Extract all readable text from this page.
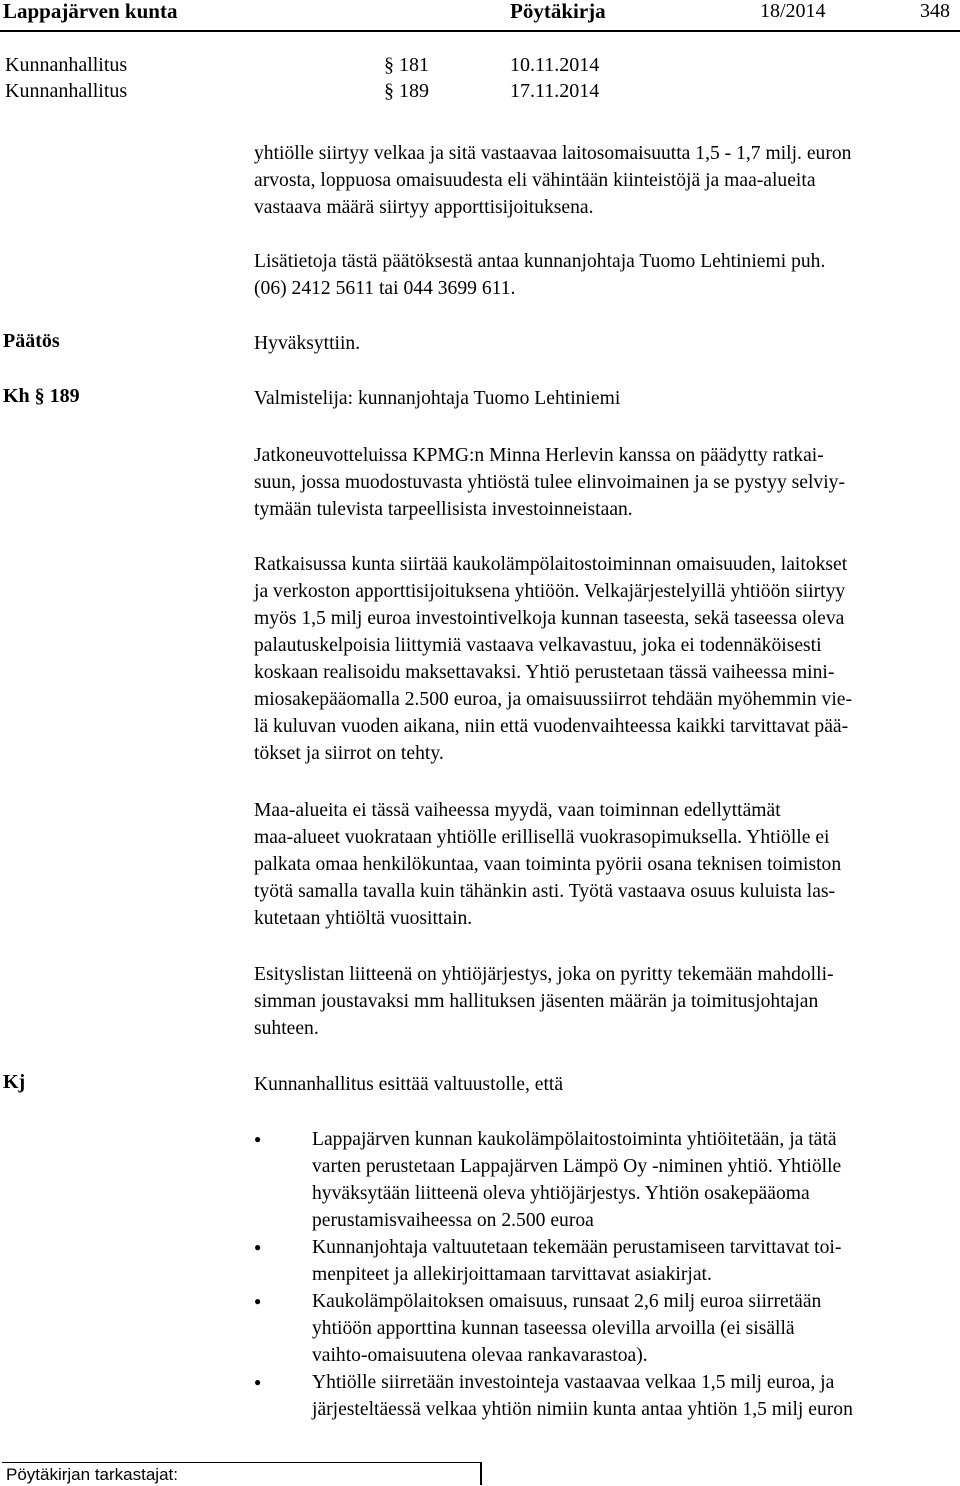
Lappajärven kunta	Pöytäkirja	18/2014	348
Kunnanhallitus	§ 181	10.11.2014
Kunnanhallitus	§ 189	17.11.2014
yhtiölle siirtyy velkaa ja sitä vastaavaa laitosomaisuutta 1,5 - 1,7 milj. euron
arvosta, loppuosa omaisuudesta eli vähintään kiinteistöjä ja maa-alueita
vastaava määrä siirtyy apporttisijoituksena.
Lisätietoja tästä päätöksestä antaa kunnanjohtaja Tuomo Lehtiniemi puh.
(06) 2412 5611 tai 044 3699 611.
Päätös	Hyväksyttiin.
Kh § 189	Valmistelija: kunnanjohtaja Tuomo Lehtiniemi
Jatkoneuvotteluissa KPMG:n Minna Herlevin kanssa on päädytty ratkai-
suun, jossa muodostuvasta yhtiöstä tulee elinvoimainen ja se pystyy selviy-
tymään tulevista tarpeellisista investoinneistaan.
Ratkaisussa kunta siirtää kaukolämpölaitostoiminnan omaisuuden, laitokset
ja verkoston apporttisijoituksena yhtiöön. Velkajärjestelyillä yhtiöön siirtyy
myös 1,5 milj euroa investointivelkoja kunnan taseesta, sekä taseessa oleva
palautuskelpoisia liittymiä vastaava velkavastuu, joka ei todennäköisesti
koskaan realisoidu maksettavaksi. Yhtiö perustetaan tässä vaiheessa mini-
miosakepääomalla 2.500 euroa, ja omaisuussiirrot tehdään myöhemmin vie-
lä kuluvan vuoden aikana, niin että vuodenvaihteessa kaikki tarvittavat pää-
tökset ja siirrot on tehty.
Maa-alueita ei tässä vaiheessa myydä, vaan toiminnan edellyttämät
maa-alueet vuokrataan yhtiölle erillisellä vuokrasopimuksella. Yhtiölle ei
palkata omaa henkilökuntaa, vaan toiminta pyörii osana teknisen toimiston
työtä samalla tavalla kuin tähänkin asti. Työtä vastaava osuus kuluista las-
kutetaan yhtiöltä vuosittain.
Esityslistan liitteenä on yhtiöjärjestys, joka on pyritty tekemään mahdolli-
simman joustavaksi mm hallituksen jäsenten määrän ja toimitusjohtajan
suhteen.
Kj	Kunnanhallitus esittää valtuustolle, että
● Lappajärven kunnan kaukolämpölaitostoiminta yhtiöitetään, ja tätä
varten perustetaan Lappajärven Lämpö Oy -niminen yhtiö. Yhtiölle
hyväksytään liitteenä oleva yhtiöjärjestys. Yhtiön osakepääoma
perustamisvaiheessa on 2.500 euroa
● Kunnanjohtaja valtuutetaan tekemään perustamiseen tarvittavat toi-
menpiteet ja allekirjoittamaan tarvittavat asiakirjat.
● Kaukolämpölaitoksen omaisuus, runsaat 2,6 milj euroa siirretään
yhtiöön apporttina kunnan taseessa olevilla arvoilla (ei sisällä
vaihto-omaisuutena olevaa rankavarastoa).
● Yhtiölle siirretään investointeja vastaavaa velkaa 1,5 milj euroa, ja
järjesteltäessä velkaa yhtiön nimiin kunta antaa yhtiön 1,5 milj euron
Pöytäkirjan tarkastajat:
